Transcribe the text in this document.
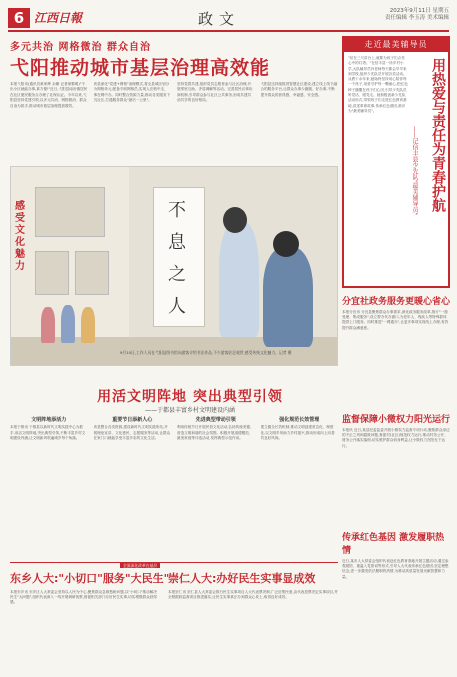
6 江西日報	政文	2023年9月11日 星期五
责任编辑 李玉涛 美术编辑
多元共治 网格微治 群众自治
弋阳推动城市基层治理高效能
本报弋阳讯(通讯员黄家辉 余姗 记者徐黎明)"不出小区就能办事,真方便!"近日,弋阳县南岩镇居民在社区便民服务点办理了社保认证。今年以来,弋阳县坚持党建引领,以多元共治、网格微治、群众自治为抓手,推动城市基层治理提质增效。
该县深化"党建+网格"治理模式,将全县城区划分为网格单元,配备专职网格员,实现人在格中走、事在网中办。同时整合资源力量,推动各类服务下沉社区,打通服务群众"最后一公里"。
坚持党群共建,组织党员志愿者参与社区治理,开展邻里互助、矛盾调解等活动。完善居民议事协商机制,引导群众参与社区公共事务,形成共建共治共享的良好格局。
弋阳县还持续推进智慧社区建设,建立线上线下融合的服务平台,让群众办事少跑腿、好办事,不断提升群众的获得感、幸福感、安全感。
感受文化魅力
不
息
之
人
9月10日,工作人员在弋阳县图书馆向游客介绍书法作品,不少游客驻足观赏,感受传统文化魅力。记者 摄
走近最美辅导员
"站在三尺讲台上,就要为孩子们点亮心中的灯塔。"在信丰县一所乡村小学,大队辅导员肖老师每天都会早早来到学校,组织少先队员开展各类活动。从教十余年来,她始终坚持用心陪伴每一个孩子,用爱守护每一颗童心,把红色种子播撒在孩子们心田,引导少先队员听党话、跟党走。她积极创新少先队活动形式,带领孩子们走进红色教育基地,讲述革命故事,传承红色基因,被评为"最美辅导员"。
——记信丰县少先队"最美辅导员" 用热爱与责任为青春护航
分宜社政务服务更暖心省心
本报分宜讯 分宜县聚焦群众办事需求,深化政务服务改革,推行"一窗受理、集成服务",设立帮办代办窗口,为老年人、残疾人等特殊群体提供上门服务。同时推进"一网通办",让更多事项实现线上办理,有效提升群众满意度。
监督保障小微权力阳光运行
本报讯 近日,某县纪委监委开展小微权力监督专项行动,聚焦群众身边的不正之风和腐败问题,督促村(社区)规范权力运行,推动村务公开、财务公开落实落细,切实维护群众切身利益,让小微权力在阳光下运行。
传承红色基因 激发履职热情
近日,某市人大常委会组织代表赴红色教育基地开展主题活动,通过参观展馆、重温入党誓词等形式,引导人大代表传承红色基因,坚定理想信念,进一步激发依法履职的热情,为推动高质量发展贡献智慧和力量。
用活文明阵地 突出典型引领
——于都县丰富乡村文明建设内涵
文明阵地添活力
本报于都讯 于都县以新时代文明实践中心为抓手,用活文明阵地,突出典型引领,不断丰富乡村文明建设内涵,让文明新风吹遍城乡每个角落。
重要节日添新人心
该县整合各类资源,建设新时代文明实践所站,开展理论宣讲、文化惠民、志愿服务等活动,让群众在家门口就能享受丰富多彩的文化生活。
先进典型带动引领
利用传统节日开展民俗文化活动,弘扬传统美德,营造文明和谐的社会氛围。积极开展道德模范、最美家庭等评选活动,发挥典型示范作用。
强化规范长效管理
建立健全长效机制,推动文明创建常态化、制度化,以文明乡风助力乡村振兴,推动形成向上向善的良好风尚。
全面深化改革在基层
东乡人大:"小切口"服务"大民生"
本报东乡讯 东乡区人大常委会坚持以人民为中心,聚焦群众急难愁盼问题,以"小切口"推动解决民生"大问题",组织代表深入一线开展调研视察,督促相关部门办好民生实事,切实增强群众获得感。
崇仁人大:办好民生实事显成效
本报崇仁讯 崇仁县人大常委会推行民生实事项目人大代表票决制,广泛征集民意,由代表投票决定实事项目,并全程跟踪监督项目推进落实,让民生实事真正办到群众心坎上,取得良好成效。
